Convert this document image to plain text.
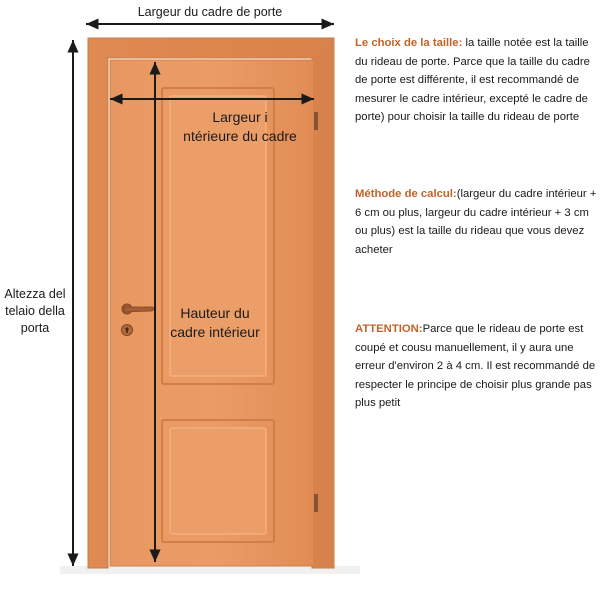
Largeur du cadre de porte
Largeur i
ntérieure du cadre
Hauteur du
cadre intérieur
Altezza del
telaio della
porta
Le choix de la taille: la taille notée est la taille du rideau de porte. Parce que la taille du cadre de porte est différente, il est recommandé de mesurer le cadre intérieur, excepté le cadre de porte) pour choisir la taille du rideau de porte
Méthode de calcul:(largeur du cadre intérieur + 6 cm ou plus, largeur du cadre intérieur + 3 cm ou plus) est la taille du rideau que vous devez acheter
ATTENTION:Parce que le rideau de porte est coupé et cousu manuellement, il y aura une erreur d'environ 2 à 4 cm. Il est recommandé de respecter le principe de choisir plus grande pas plus petit
